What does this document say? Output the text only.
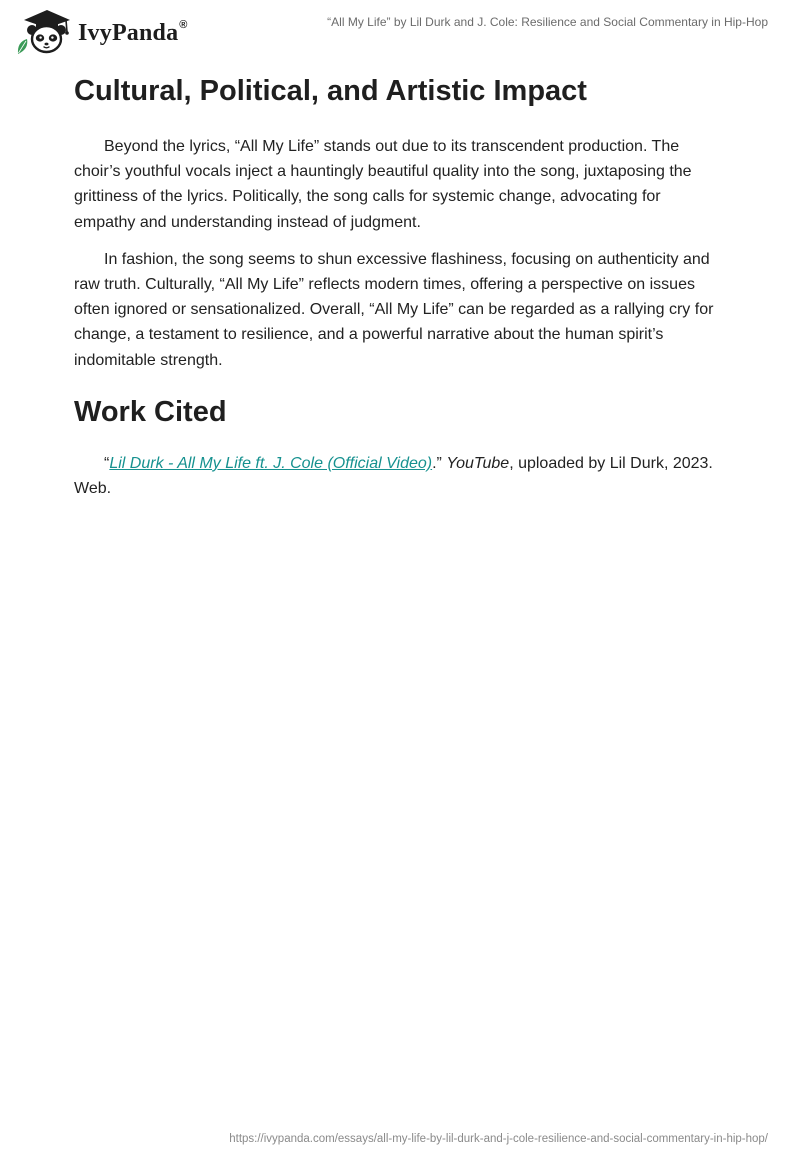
IvyPanda®	“All My Life” by Lil Durk and J. Cole: Resilience and Social Commentary in Hip-Hop
Cultural, Political, and Artistic Impact

Beyond the lyrics, “All My Life” stands out due to its transcendent production. The choir’s youthful vocals inject a hauntingly beautiful quality into the song, juxtaposing the grittiness of the lyrics. Politically, the song calls for systemic change, advocating for empathy and understanding instead of judgment.

In fashion, the song seems to shun excessive flashiness, focusing on authenticity and raw truth. Culturally, “All My Life” reflects modern times, offering a perspective on issues often ignored or sensationalized. Overall, “All My Life” can be regarded as a rallying cry for change, a testament to resilience, and a powerful narrative about the human spirit’s indomitable strength.

Work Cited

“Lil Durk - All My Life ft. J. Cole (Official Video).” YouTube, uploaded by Lil Durk, 2023. Web.

https://ivypanda.com/essays/all-my-life-by-lil-durk-and-j-cole-resilience-and-social-commentary-in-hip-hop/
